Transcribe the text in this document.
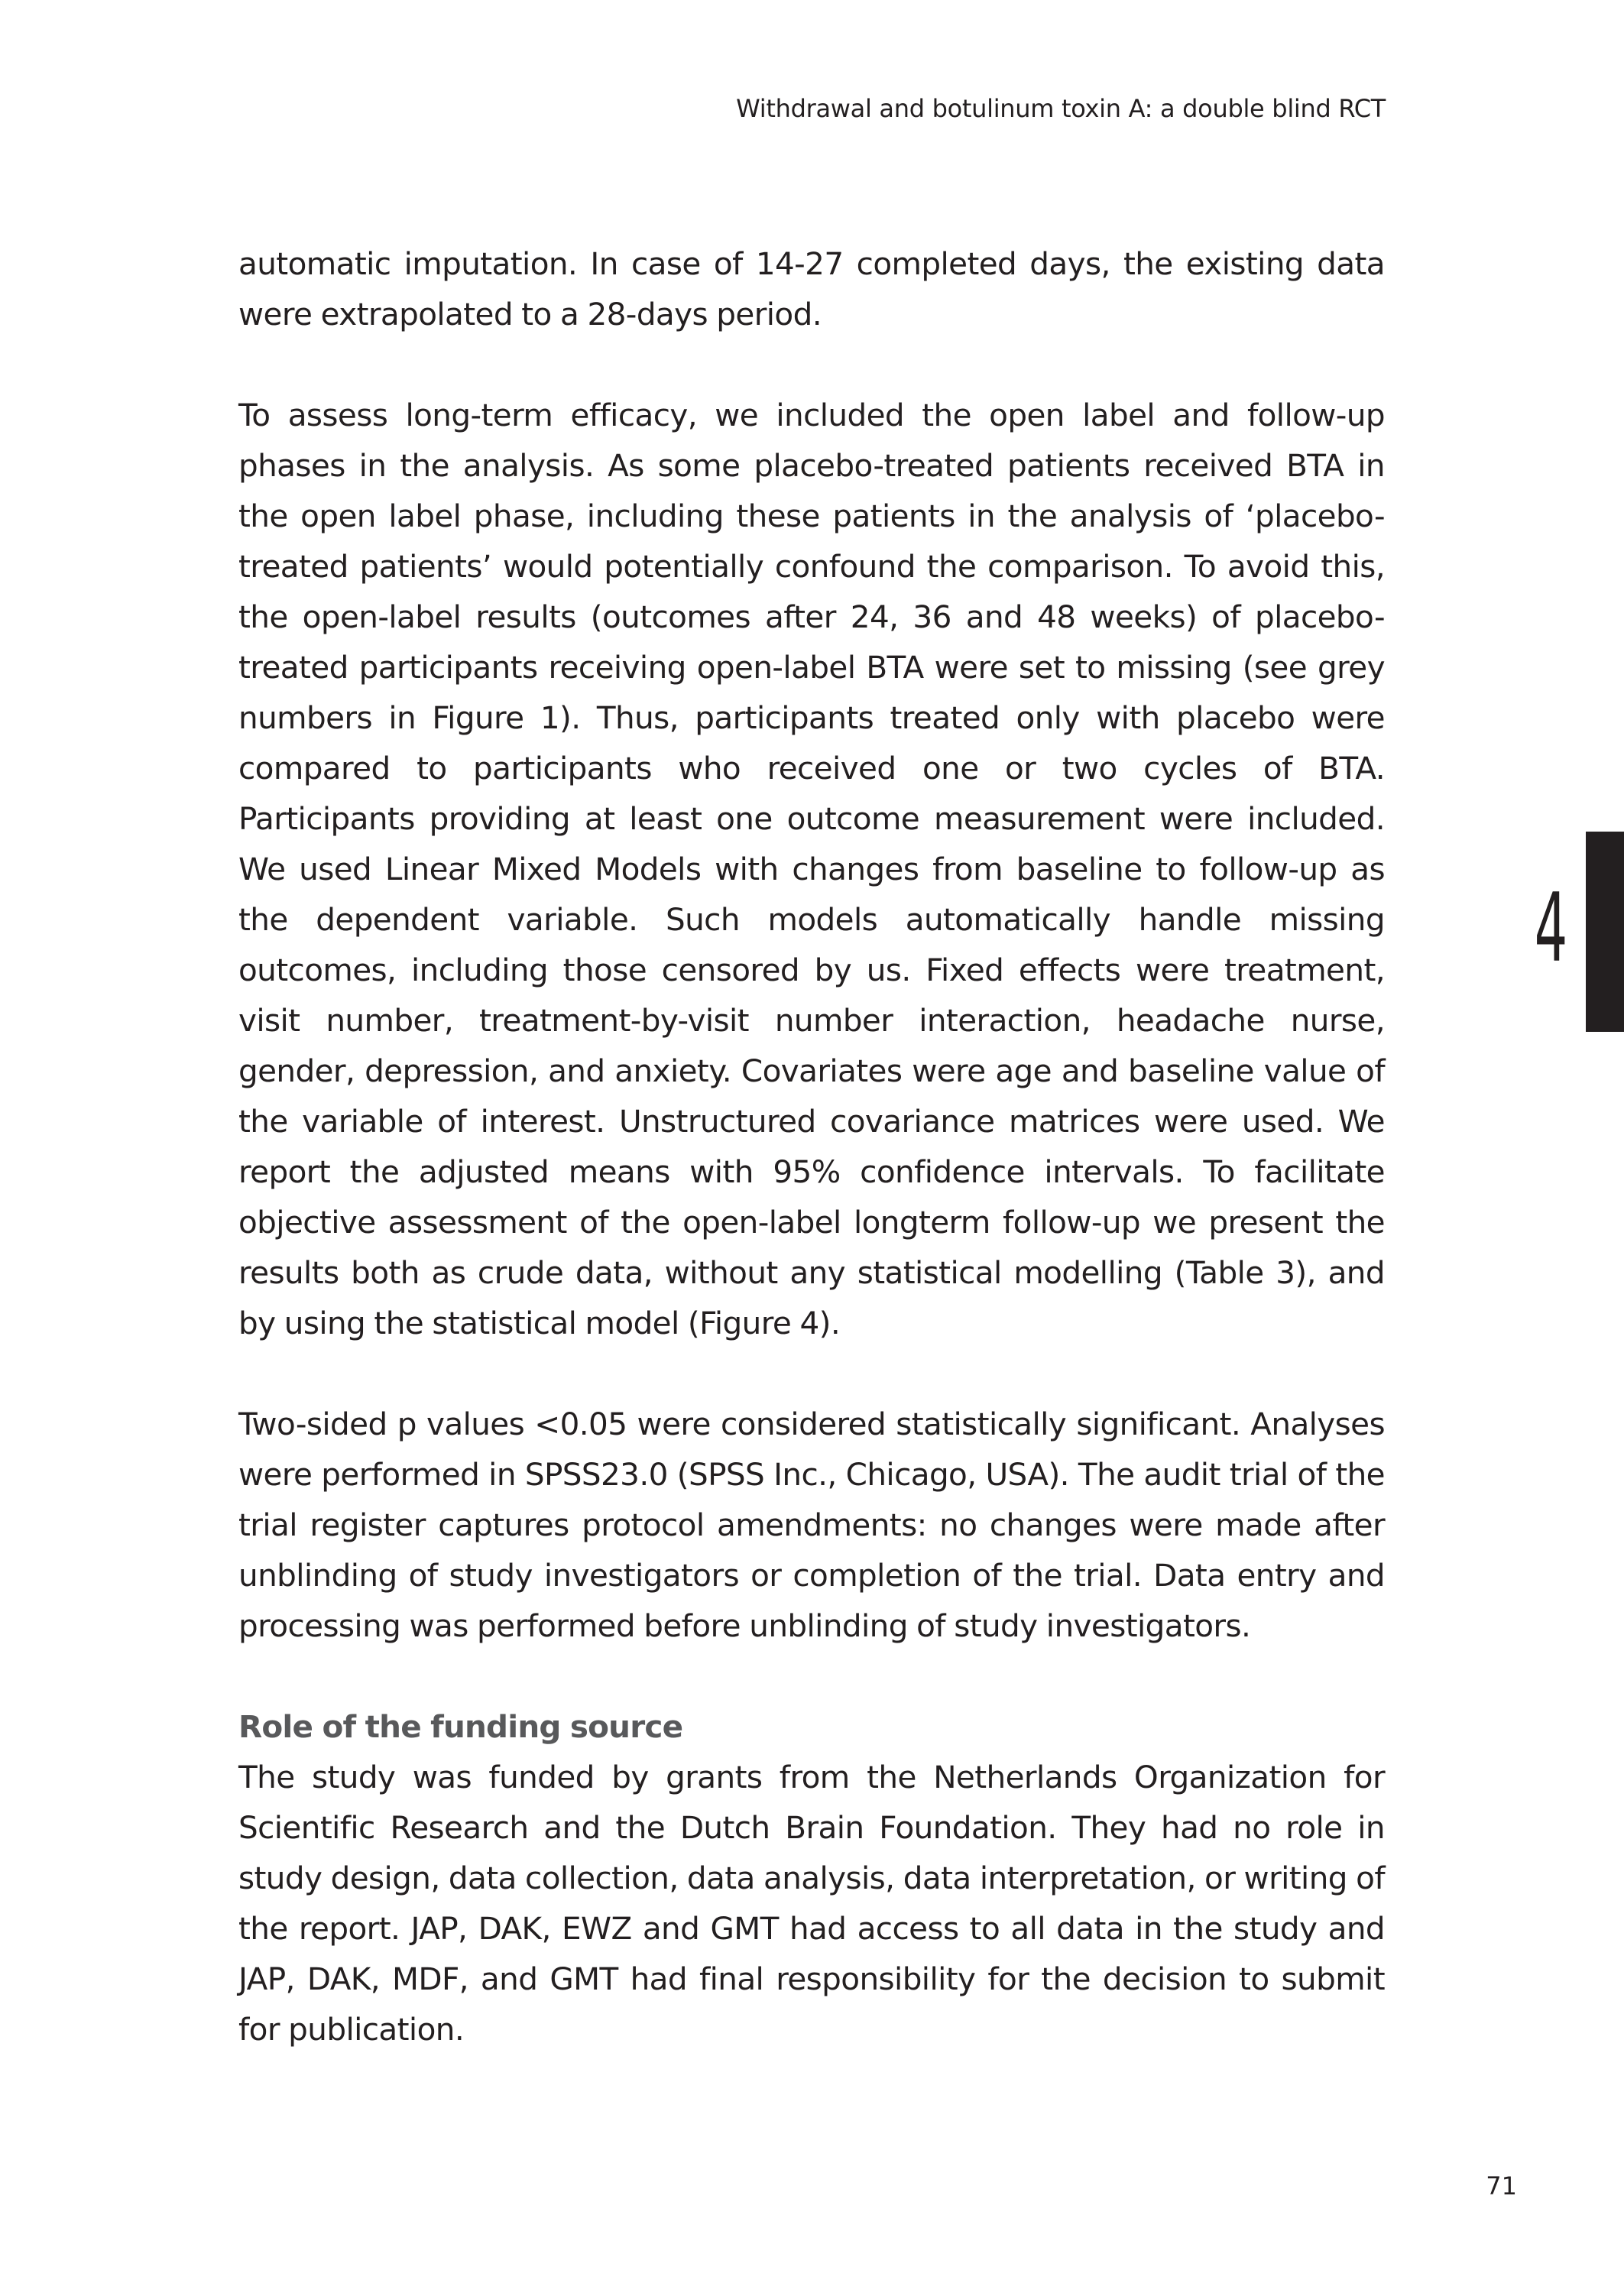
Withdrawal and botulinum toxin A: a double blind RCT

automatic imputation. In case of 14-27 completed days, the existing data were extrapolated to a 28-days period.

To assess long-term efficacy, we included the open label and follow-up phases in the analysis. As some placebo-treated patients received BTA in the open label phase, including these patients in the analysis of ‘placebo-treated patients’ would potentially confound the comparison. To avoid this, the open-label results (outcomes after 24, 36 and 48 weeks) of placebo-treated participants receiving open-label BTA were set to missing (see grey numbers in Figure 1). Thus, participants treated only with placebo were compared to participants who received one or two cycles of BTA. Participants providing at least one outcome measurement were included. We used Linear Mixed Models with changes from baseline to follow-up as the dependent variable. Such models automatically handle missing outcomes, including those censored by us. Fixed effects were treatment, visit number, treatment-by-visit number interaction, headache nurse, gender, depression, and anxiety. Covariates were age and baseline value of the variable of interest. Unstructured covariance matrices were used. We report the adjusted means with 95% confidence intervals. To facilitate objective assessment of the open-label longterm follow-up we present the results both as crude data, without any statistical modelling (Table 3), and by using the statistical model (Figure 4).

Two-sided p values <0.05 were considered statistically significant. Analyses were performed in SPSS23.0 (SPSS Inc., Chicago, USA). The audit trial of the trial register captures protocol amendments: no changes were made after unblinding of study investigators or completion of the trial. Data entry and processing was performed before unblinding of study investigators.

Role of the funding source

The study was funded by grants from the Netherlands Organization for Scientific Research and the Dutch Brain Foundation. They had no role in study design, data collection, data analysis, data interpretation, or writing of the report. JAP, DAK, EWZ and GMT had access to all data in the study and JAP, DAK, MDF, and GMT had final responsibility for the decision to submit for publication.

4
71
